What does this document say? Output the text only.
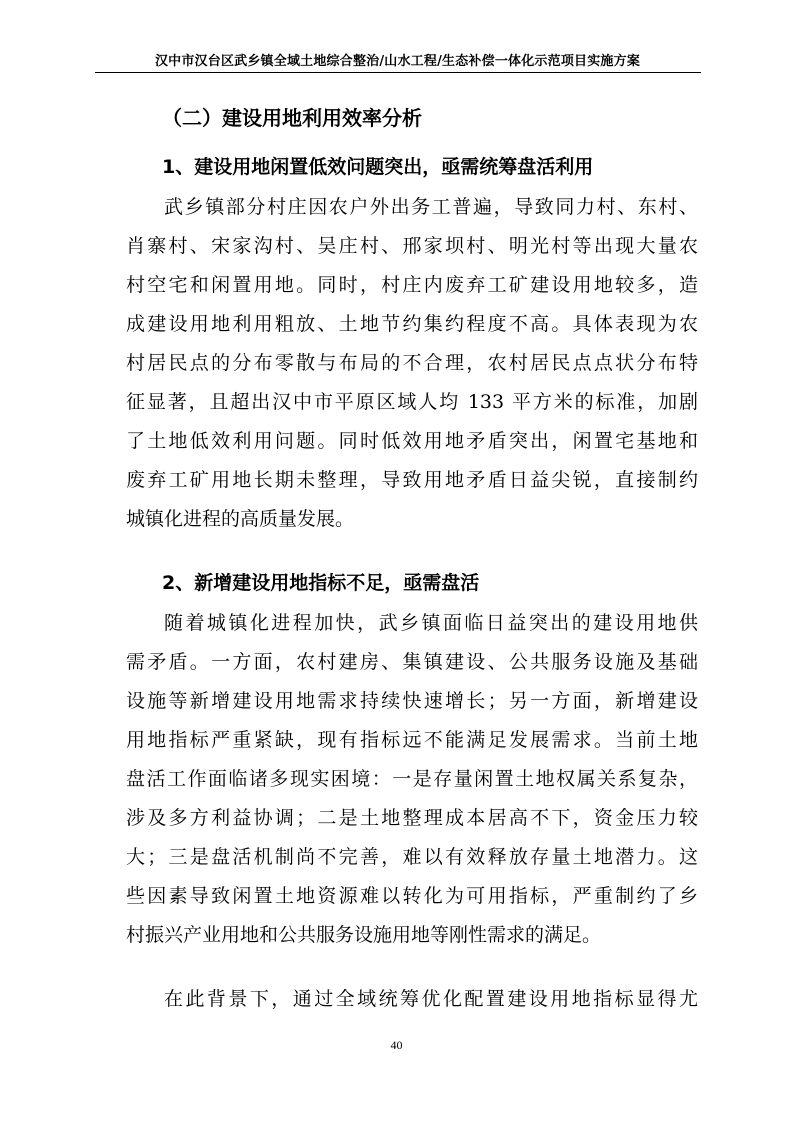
汉中市汉台区武乡镇全域土地综合整治/山水工程/生态补偿一体化示范项目实施方案
（二）建设用地利用效率分析
1、建设用地闲置低效问题突出，亟需统筹盘活利用
武乡镇部分村庄因农户外出务工普遍，导致同力村、东村、
肖寨村、宋家沟村、吴庄村、邢家坝村、明光村等出现大量农
村空宅和闲置用地。同时，村庄内废弃工矿建设用地较多，造
成建设用地利用粗放、土地节约集约程度不高。具体表现为农
村居民点的分布零散与布局的不合理，农村居民点点状分布特
征显著，且超出汉中市平原区域人均 133 平方米的标准，加剧
了土地低效利用问题。同时低效用地矛盾突出，闲置宅基地和
废弃工矿用地长期未整理，导致用地矛盾日益尖锐，直接制约
城镇化进程的高质量发展。
2、新增建设用地指标不足，亟需盘活
随着城镇化进程加快，武乡镇面临日益突出的建设用地供
需矛盾。一方面，农村建房、集镇建设、公共服务设施及基础
设施等新增建设用地需求持续快速增长；另一方面，新增建设
用地指标严重紧缺，现有指标远不能满足发展需求。当前土地
盘活工作面临诸多现实困境：一是存量闲置土地权属关系复杂，
涉及多方利益协调；二是土地整理成本居高不下，资金压力较
大；三是盘活机制尚不完善，难以有效释放存量土地潜力。这
些因素导致闲置土地资源难以转化为可用指标，严重制约了乡
村振兴产业用地和公共服务设施用地等刚性需求的满足。
在此背景下，通过全域统筹优化配置建设用地指标显得尤
40
